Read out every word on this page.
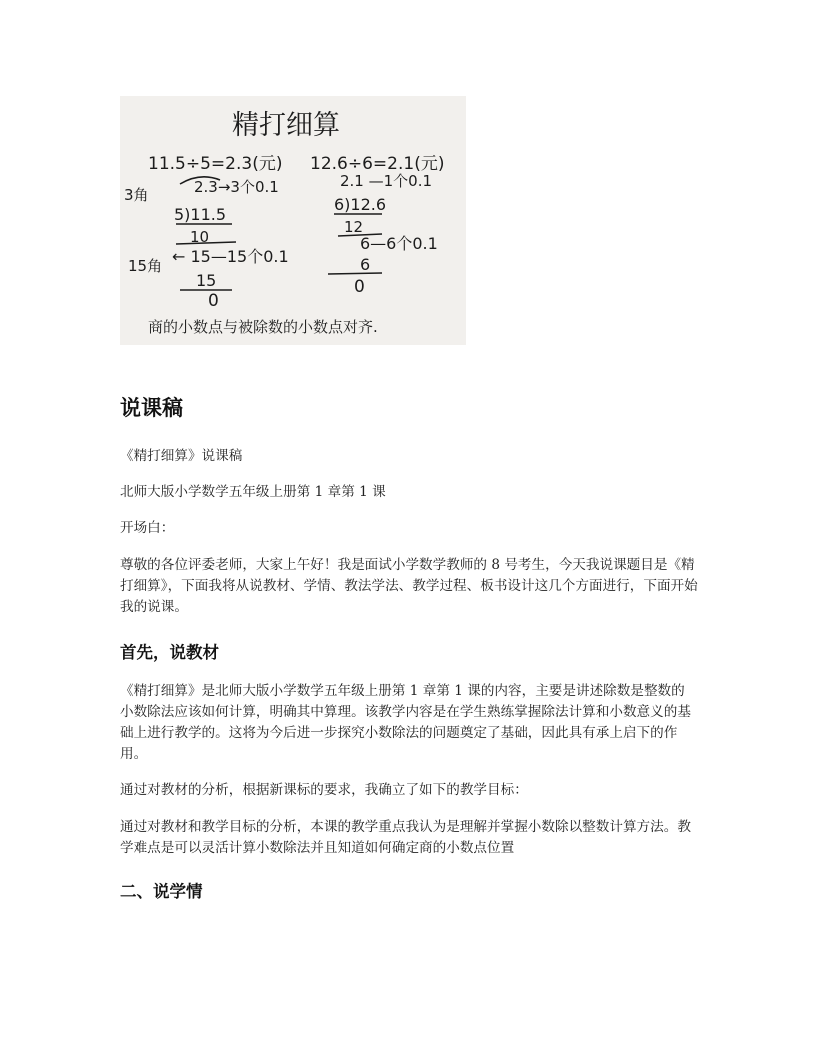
精打细算
11.5÷5=2.3(元) 12.6÷6=2.1(元)
3角	2.3→3个0.1
5)11.5
10
15角 ← 15—15个0.1
15
0
2.1 —1个0.1
6)12.6
12
6—6个0.1
6
0
商的小数点与被除数的小数点对齐.
说课稿
《精打细算》说课稿
北师大版小学数学五年级上册第 1 章第 1 课
开场白：
尊敬的各位评委老师，大家上午好！我是面试小学数学教师的 8 号考生，今天我说课题目是《精打细算》，下面我将从说教材、学情、教法学法、教学过程、板书设计这几个方面进行，下面开始我的说课。
首先，说教材
《精打细算》是北师大版小学数学五年级上册第 1 章第 1 课的内容，主要是讲述除数是整数的小数除法应该如何计算，明确其中算理。该教学内容是在学生熟练掌握除法计算和小数意义的基础上进行教学的。这将为今后进一步探究小数除法的问题奠定了基础，因此具有承上启下的作用。
通过对教材的分析，根据新课标的要求，我确立了如下的教学目标：
通过对教材和教学目标的分析，本课的教学重点我认为是理解并掌握小数除以整数计算方法。教学难点是可以灵活计算小数除法并且知道如何确定商的小数点位置
二、说学情
